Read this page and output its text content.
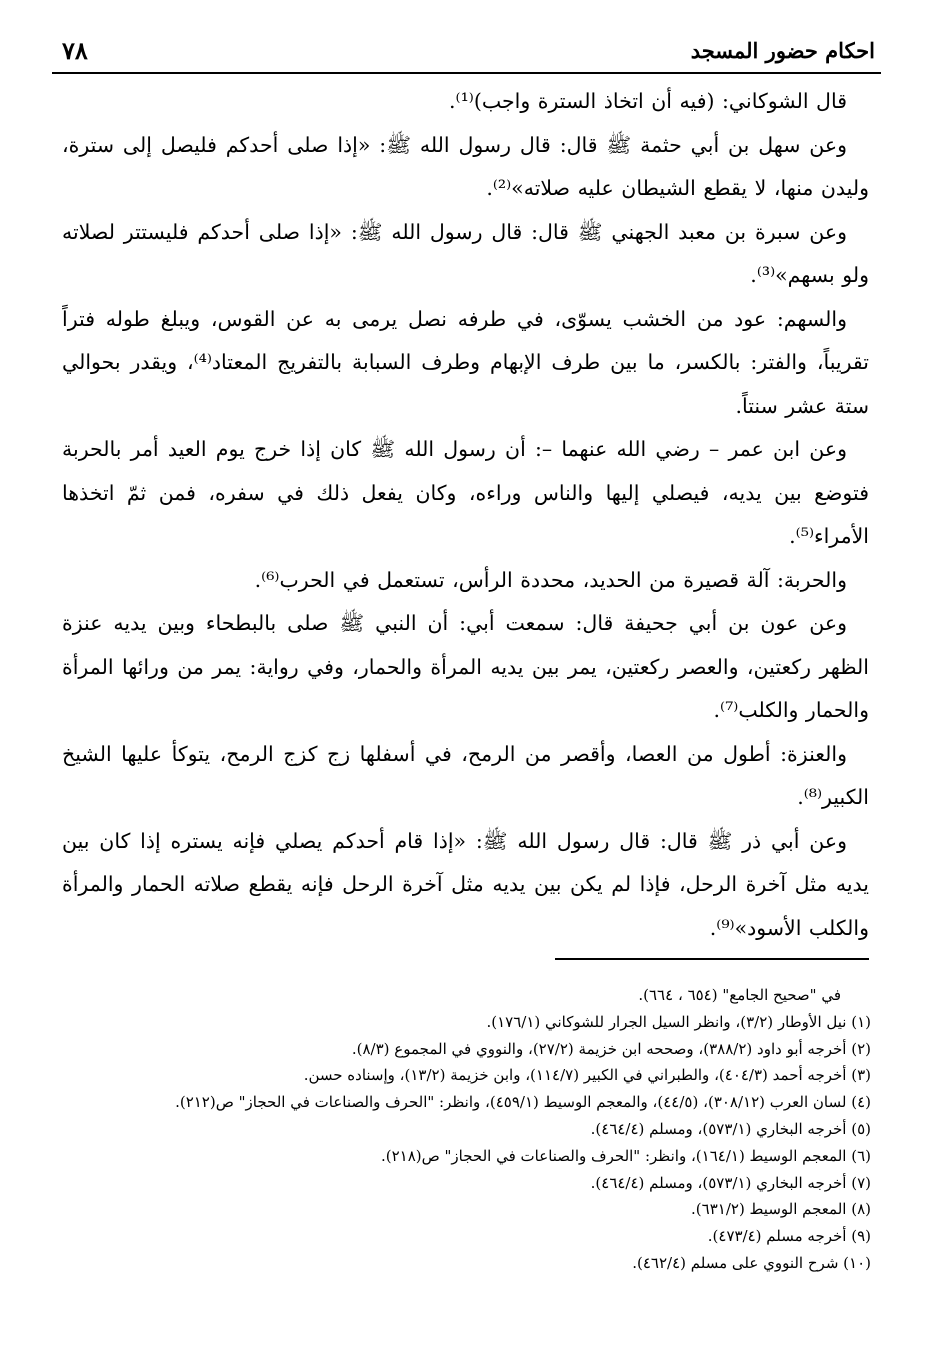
احكام حضور المسجد
٧٨

قال الشوكاني: (فيه أن اتخاذ السترة واجب)⁽¹⁾.

وعن سهل بن أبي حثمة ﷺ قال: قال رسول الله ﷺ: «إذا صلى أحدكم فليصل إلى سترة، وليدن منها، لا يقطع الشيطان عليه صلاته»⁽²⁾.

وعن سبرة بن معبد الجهني ﷺ قال: قال رسول الله ﷺ: «إذا صلى أحدكم فليستتر لصلاته ولو بسهم»⁽³⁾.

والسهم: عود من الخشب يسوّى، في طرفه نصل يرمى به عن القوس، ويبلغ طوله فتراً تقريباً، والفتر: بالكسر، ما بين طرف الإبهام وطرف السبابة بالتفريج المعتاد⁽⁴⁾، ويقدر بحوالي ستة عشر سنتاً.

وعن ابن عمر – رضي الله عنهما –: أن رسول الله ﷺ كان إذا خرج يوم العيد أمر بالحربة فتوضع بين يديه، فيصلي إليها والناس وراءه، وكان يفعل ذلك في سفره، فمن ثمّ اتخذها الأمراء⁽⁵⁾.

والحربة: آلة قصيرة من الحديد، محددة الرأس، تستعمل في الحرب⁽⁶⁾.

وعن عون بن أبي جحيفة قال: سمعت أبي: أن النبي ﷺ صلى بالبطحاء وبين يديه عنزة الظهر ركعتين، والعصر ركعتين، يمر بين يديه المرأة والحمار، وفي رواية: يمر من ورائها المرأة والحمار والكلب⁽⁷⁾.

والعنزة: أطول من العصا، وأقصر من الرمح، في أسفلها زج كزج الرمح، يتوكأ عليها الشيخ الكبير⁽⁸⁾.

وعن أبي ذر ﷺ قال: قال رسول الله ﷺ: «إذا قام أحدكم يصلي فإنه يستره إذا كان بين يديه مثل آخرة الرحل، فإذا لم يكن بين يديه مثل آخرة الرحل فإنه يقطع صلاته الحمار والمرأة والكلب الأسود»⁽⁹⁾.

في "صحيح الجامع" (٦٥٤ ، ٦٦٤).

(١) نيل الأوطار (٣/٢)، وانظر السيل الجرار للشوكاني (١٧٦/١).

(٢) أخرجه أبو داود (٣٨٨/٢)، وصححه ابن خزيمة (٢٧/٢)، والنووي في المجموع (٨/٣).

(٣) أخرجه أحمد (٤٠٤/٣)، والطبراني في الكبير (١١٤/٧)، وابن خزيمة (١٣/٢)، وإسناده حسن.

(٤) لسان العرب (٣٠٨/١٢)، (٤٤/٥)، والمعجم الوسيط (٤٥٩/١)، وانظر: "الحرف والصناعات في الحجاز" ص(٢١٢).

(٥) أخرجه البخاري (٥٧٣/١)، ومسلم (٤٦٤/٤).

(٦) المعجم الوسيط (١٦٤/١)، وانظر: "الحرف والصناعات في الحجاز" ص(٢١٨).

(٧) أخرجه البخاري (٥٧٣/١)، ومسلم (٤٦٤/٤).

(٨) المعجم الوسيط (٦٣١/٢).

(٩) أخرجه مسلم (٤٧٣/٤).

(١٠) شرح النووي على مسلم (٤٦٢/٤).
